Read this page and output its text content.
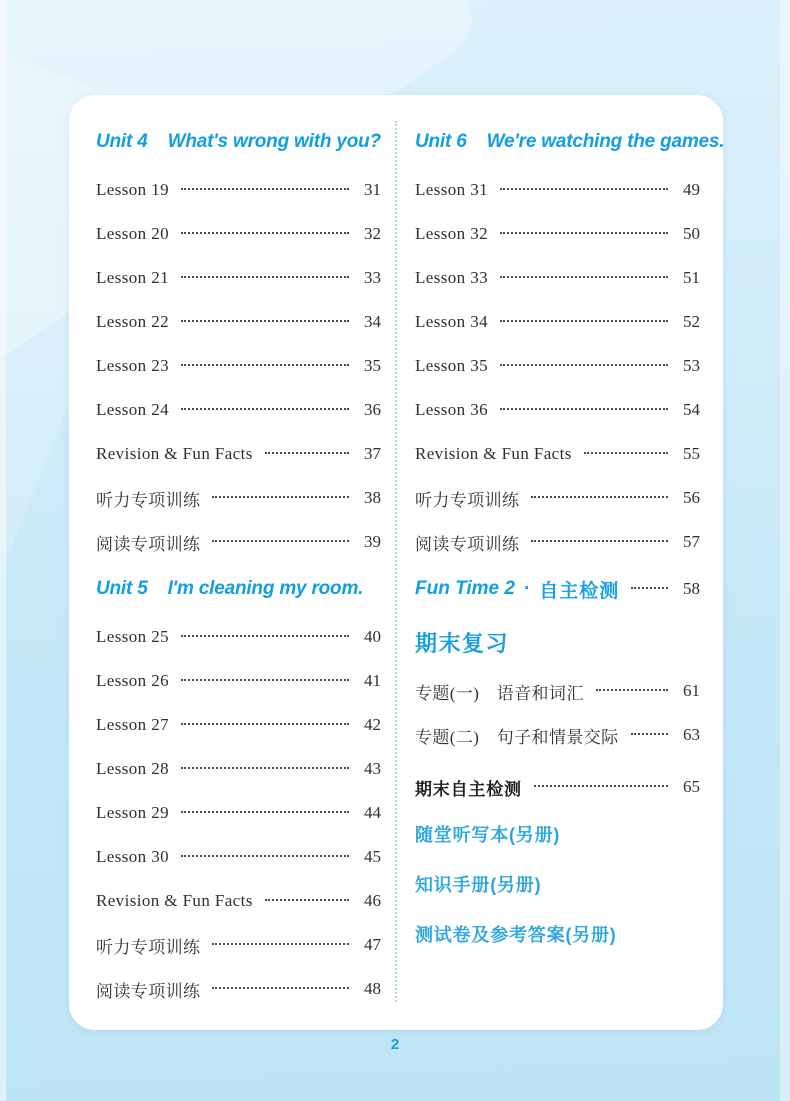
Unit 4 What's wrong with you?
Lesson 19	31
Lesson 20	32
Lesson 21	33
Lesson 22	34
Lesson 23	35
Lesson 24	36
Revision & Fun Facts	37
听力专项训练	38
阅读专项训练	39
Unit 5 I'm cleaning my room.
Lesson 25	40
Lesson 26	41
Lesson 27	42
Lesson 28	43
Lesson 29	44
Lesson 30	45
Revision & Fun Facts	46
听力专项训练	47
阅读专项训练	48
Unit 6 We're watching the games.
Lesson 31	49
Lesson 32	50
Lesson 33	51
Lesson 34	52
Lesson 35	53
Lesson 36	54
Revision & Fun Facts	55
听力专项训练	56
阅读专项训练	57
Fun Time 2 · 自主检测	58
期末复习
专题(一)　语音和词汇	61
专题(二)　句子和情景交际	63
期末自主检测	65
随堂听写本(另册)
知识手册(另册)
测试卷及参考答案(另册)
2
